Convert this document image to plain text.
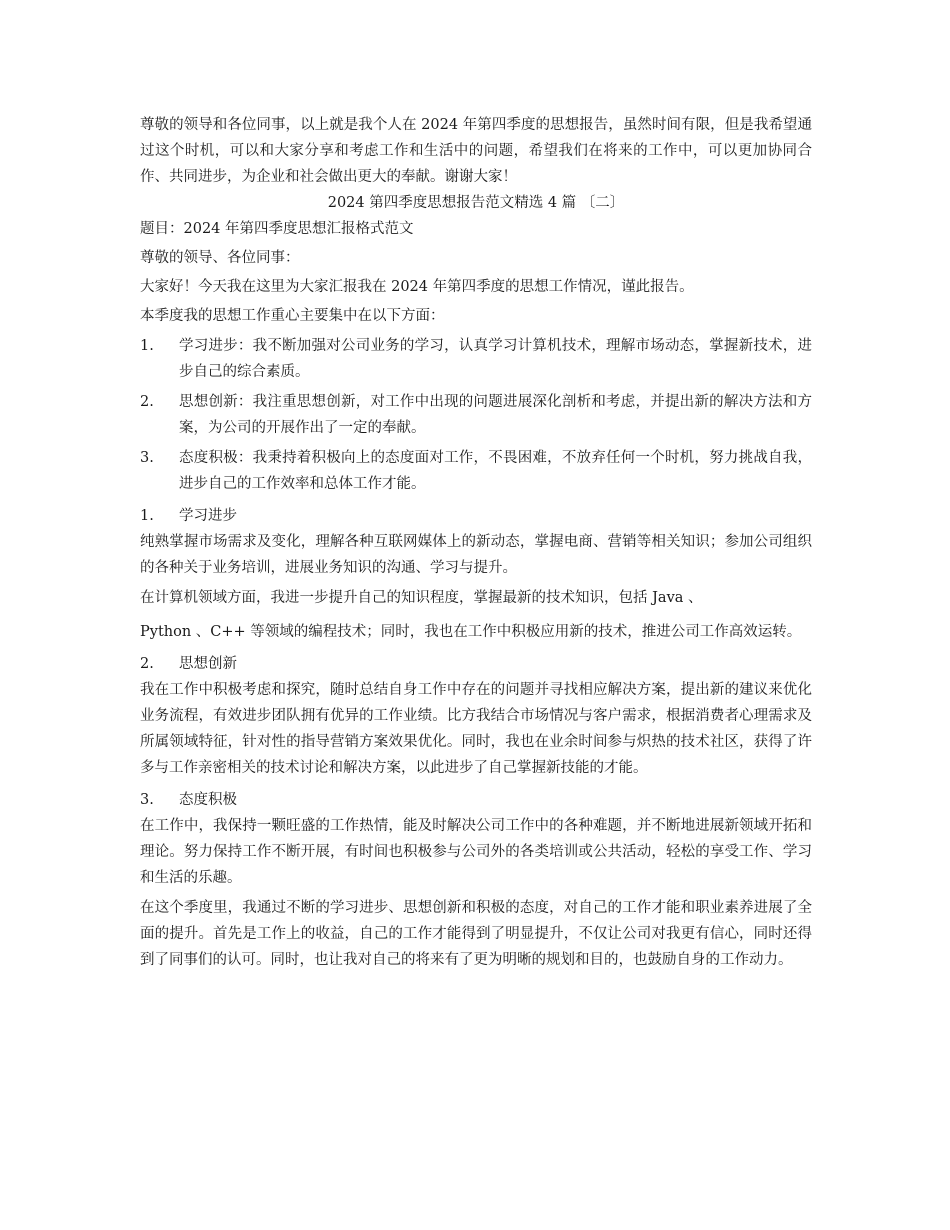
尊敬的领导和各位同事，以上就是我个人在 2024 年第四季度的思想报告，虽然时间有限，但是我希望通过这个时机，可以和大家分享和考虑工作和生活中的问题，希望我们在将来的工作中，可以更加协同合作、共同进步，为企业和社会做出更大的奉献。谢谢大家！

2024 第四季度思想报告范文精选 4 篇 〔二〕

题目：2024 年第四季度思想汇报格式范文

尊敬的领导、各位同事：

大家好！今天我在这里为大家汇报我在 2024 年第四季度的思想工作情况，谨此报告。

本季度我的思想工作重心主要集中在以下方面：

1.	学习进步：我不断加强对公司业务的学习，认真学习计算机技术，理解市场动态，掌握新技术，进步自己的综合素质。
2.	思想创新：我注重思想创新，对工作中出现的问题进展深化剖析和考虑，并提出新的解决方法和方案，为公司的开展作出了一定的奉献。
3.	态度积极：我秉持着积极向上的态度面对工作，不畏困难，不放弃任何一个时机，努力挑战自我，进步自己的工作效率和总体工作才能。
1.	学习进步

纯熟掌握市场需求及变化，理解各种互联网媒体上的新动态，掌握电商、营销等相关知识；参加公司组织的各种关于业务培训，进展业务知识的沟通、学习与提升。

在计算机领域方面，我进一步提升自己的知识程度，掌握最新的技术知识，包括 Java 、

Python 、C++ 等领域的编程技术；同时，我也在工作中积极应用新的技术，推进公司工作高效运转。

2.	思想创新

我在工作中积极考虑和探究，随时总结自身工作中存在的问题并寻找相应解决方案，提出新的建议来优化业务流程，有效进步团队拥有优异的工作业绩。比方我结合市场情况与客户需求，根据消费者心理需求及所属领域特征，针对性的指导营销方案效果优化。同时，我也在业余时间参与炽热的技术社区，获得了许多与工作亲密相关的技术讨论和解决方案，以此进步了自己掌握新技能的才能。

3.	态度积极

在工作中，我保持一颗旺盛的工作热情，能及时解决公司工作中的各种难题，并不断地进展新领域开拓和理论。努力保持工作不断开展，有时间也积极参与公司外的各类培训或公共活动，轻松的享受工作、学习和生活的乐趣。

在这个季度里，我通过不断的学习进步、思想创新和积极的态度，对自己的工作才能和职业素养进展了全面的提升。首先是工作上的收益，自己的工作才能得到了明显提升，不仅让公司对我更有信心，同时还得到了同事们的认可。同时，也让我对自己的将来有了更为明晰的规划和目的，也鼓励自身的工作动力。
